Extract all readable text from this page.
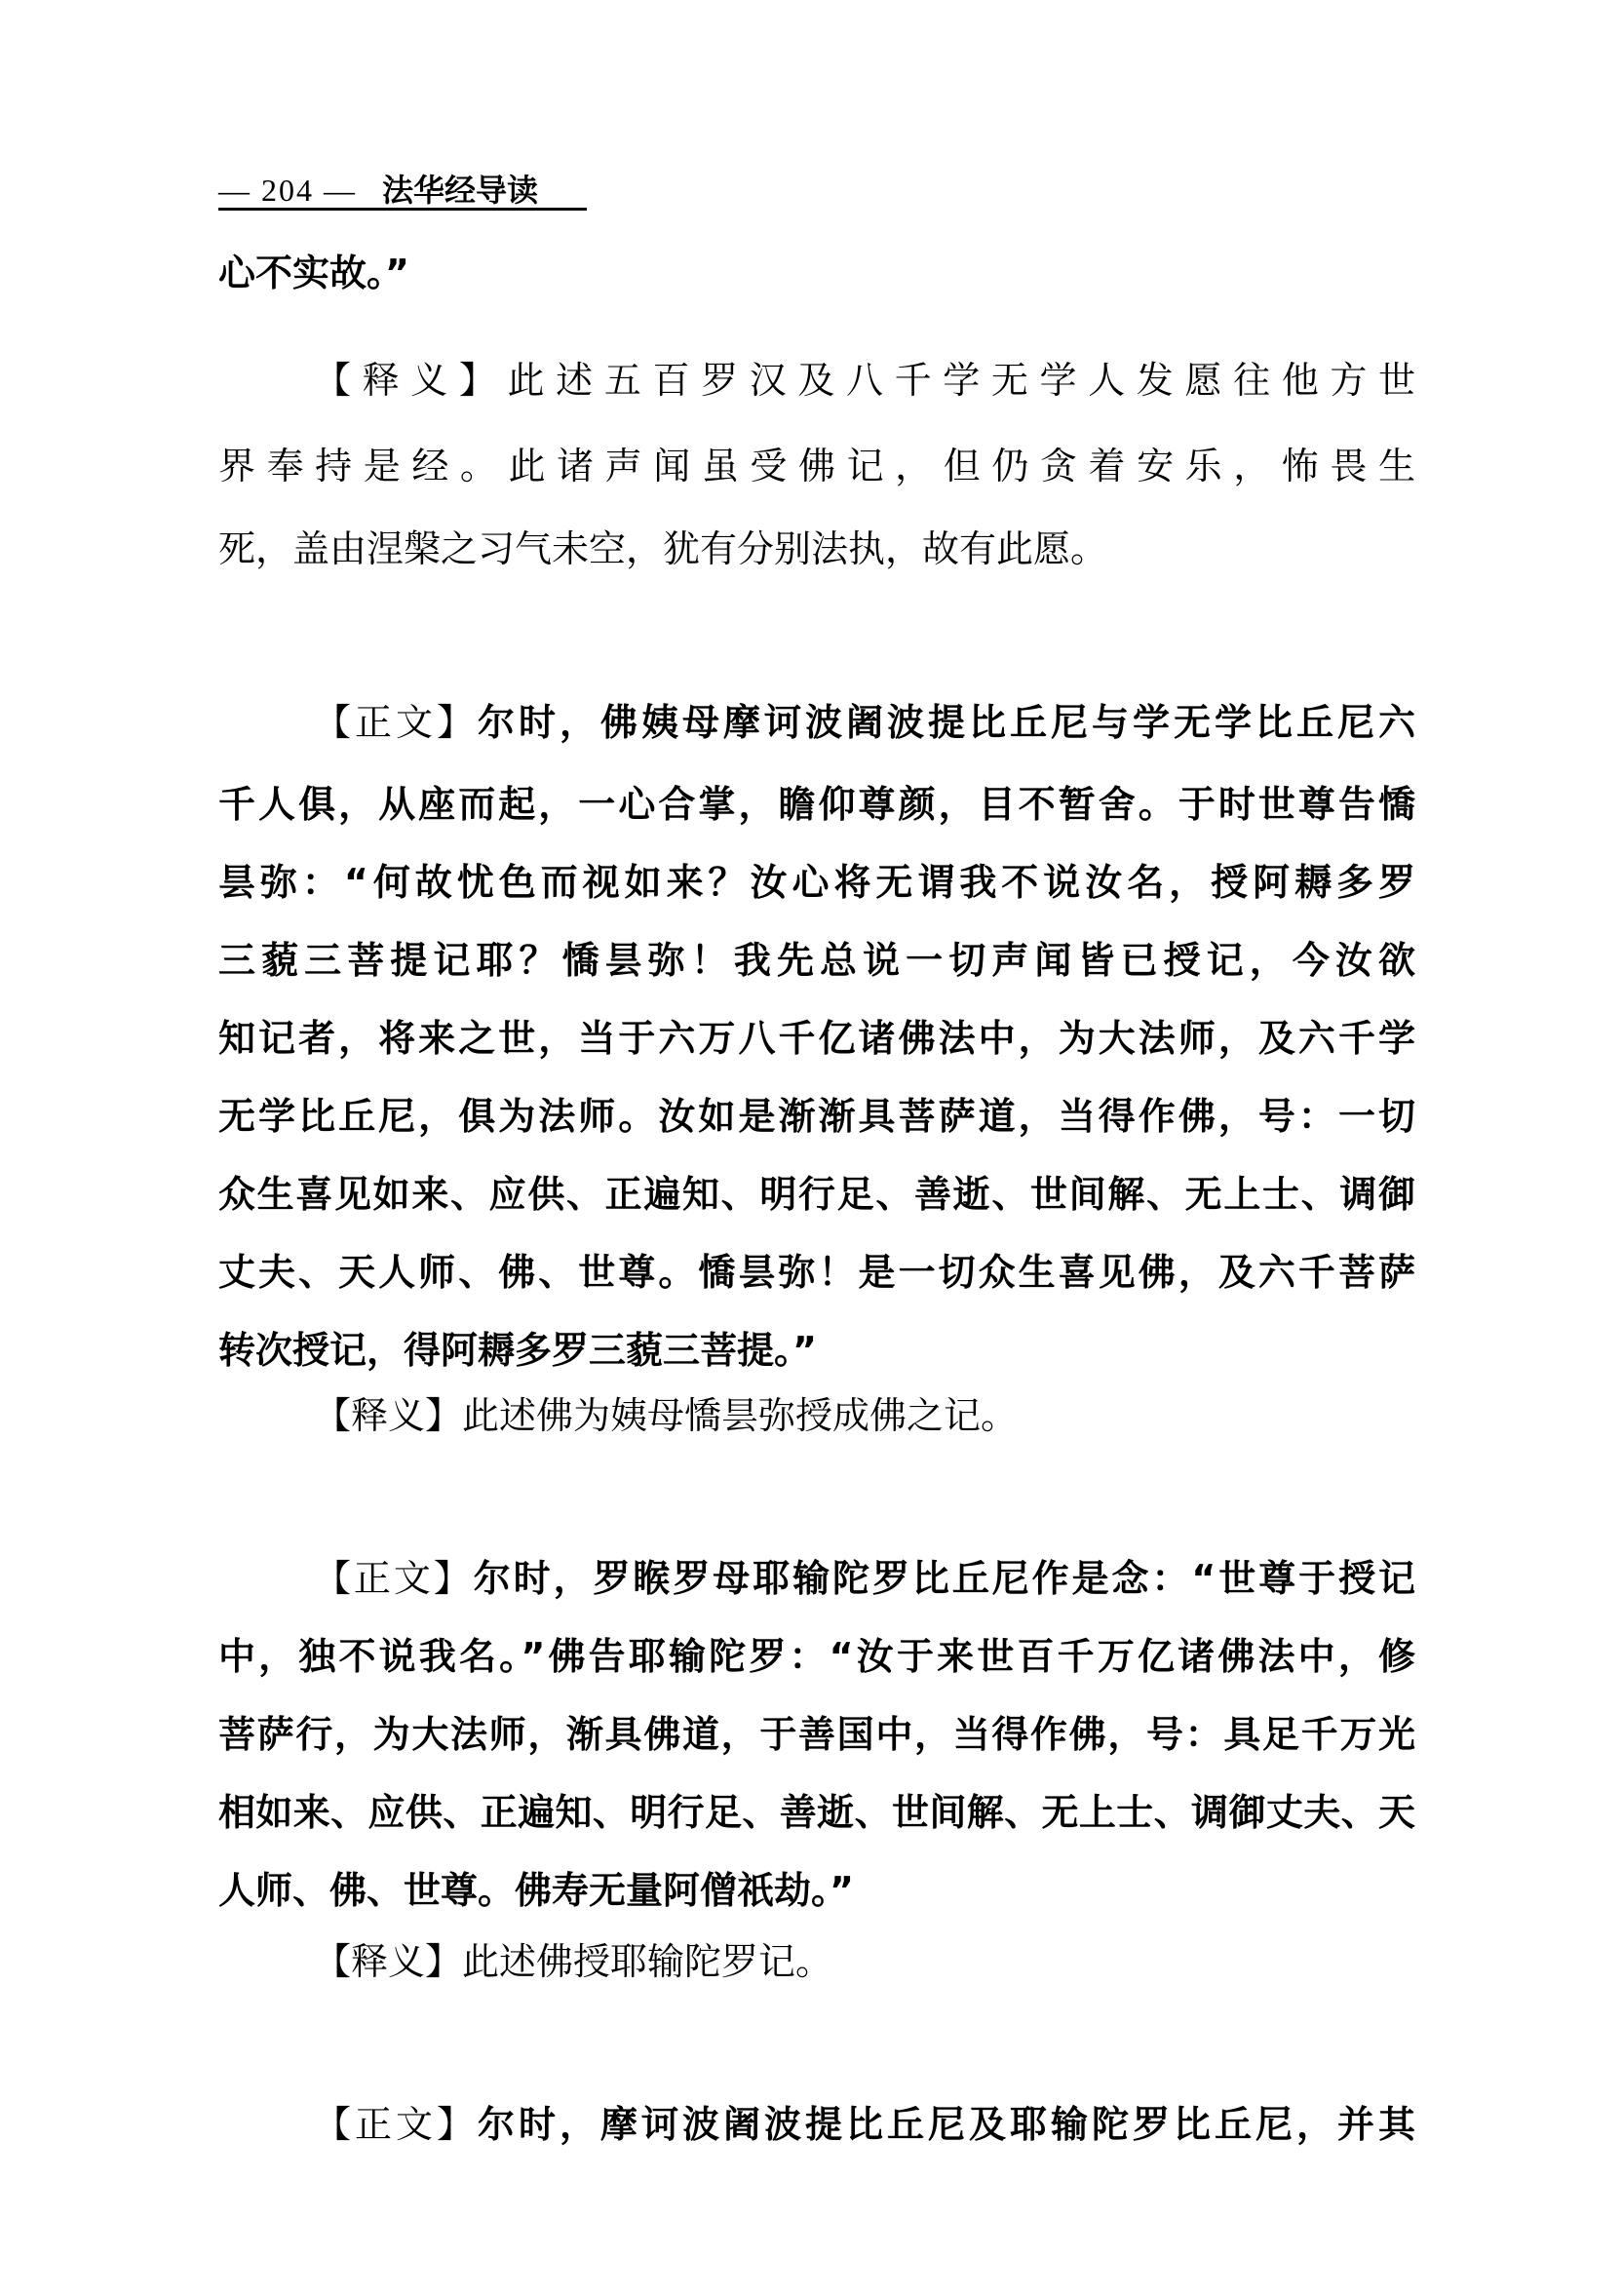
— 204 — 法华经导读
心不实故。”
【释义】此述五百罗汉及八千学无学人发愿往他方世
界奉持是经。此诸声闻虽受佛记，但仍贪着安乐，怖畏生
死，盖由涅槃之习气未空，犹有分别法执，故有此愿。
【正文】尔时，佛姨母摩诃波阇波提比丘尼与学无学比丘尼六
千人俱，从座而起，一心合掌，瞻仰尊颜，目不暂舍。于时世尊告憍
昙弥：“何故忧色而视如来？汝心将无谓我不说汝名，授阿耨多罗
三藐三菩提记耶？憍昙弥！我先总说一切声闻皆已授记，今汝欲
知记者，将来之世，当于六万八千亿诸佛法中，为大法师，及六千学
无学比丘尼，俱为法师。汝如是渐渐具菩萨道，当得作佛，号：一切
众生喜见如来、应供、正遍知、明行足、善逝、世间解、无上士、调御
丈夫、天人师、佛、世尊。憍昙弥！是一切众生喜见佛，及六千菩萨
转次授记，得阿耨多罗三藐三菩提。”
【释义】此述佛为姨母憍昙弥授成佛之记。
【正文】尔时，罗睺罗母耶输陀罗比丘尼作是念：“世尊于授记
中，独不说我名。”佛告耶输陀罗：“汝于来世百千万亿诸佛法中，修
菩萨行，为大法师，渐具佛道，于善国中，当得作佛，号：具足千万光
相如来、应供、正遍知、明行足、善逝、世间解、无上士、调御丈夫、天
人师、佛、世尊。佛寿无量阿僧祇劫。”
【释义】此述佛授耶输陀罗记。
【正文】尔时，摩诃波阇波提比丘尼及耶输陀罗比丘尼，并其
